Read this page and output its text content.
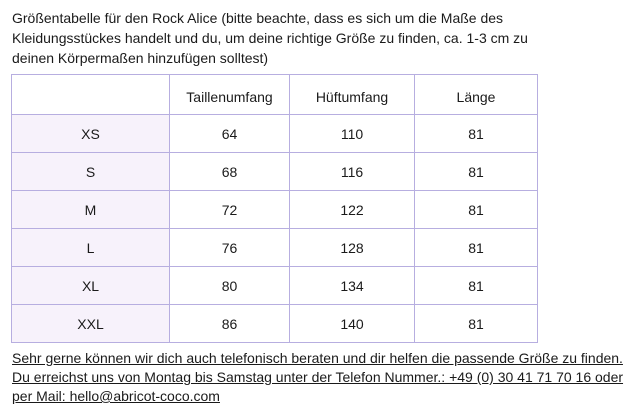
Größentabelle für den Rock Alice (bitte beachte, dass es sich um die Maße des
Kleidungsstückes handelt und du, um deine richtige Größe zu finden, ca. 1-3 cm zu
deinen Körpermaßen hinzufügen solltest)

	Taillenumfang	Hüftumfang	Länge
XS	64	110	81
S	68	116	81
M	72	122	81
L	76	128	81
XL	80	134	81
XXL	86	140	81

Sehr gerne können wir dich auch telefonisch beraten und dir helfen die passende Größe zu finden.
Du erreichst uns von Montag bis Samstag unter der Telefon Nummer.: +49 (0) 30 41 71 70 16 oder
per Mail: hello@abricot-coco.com
